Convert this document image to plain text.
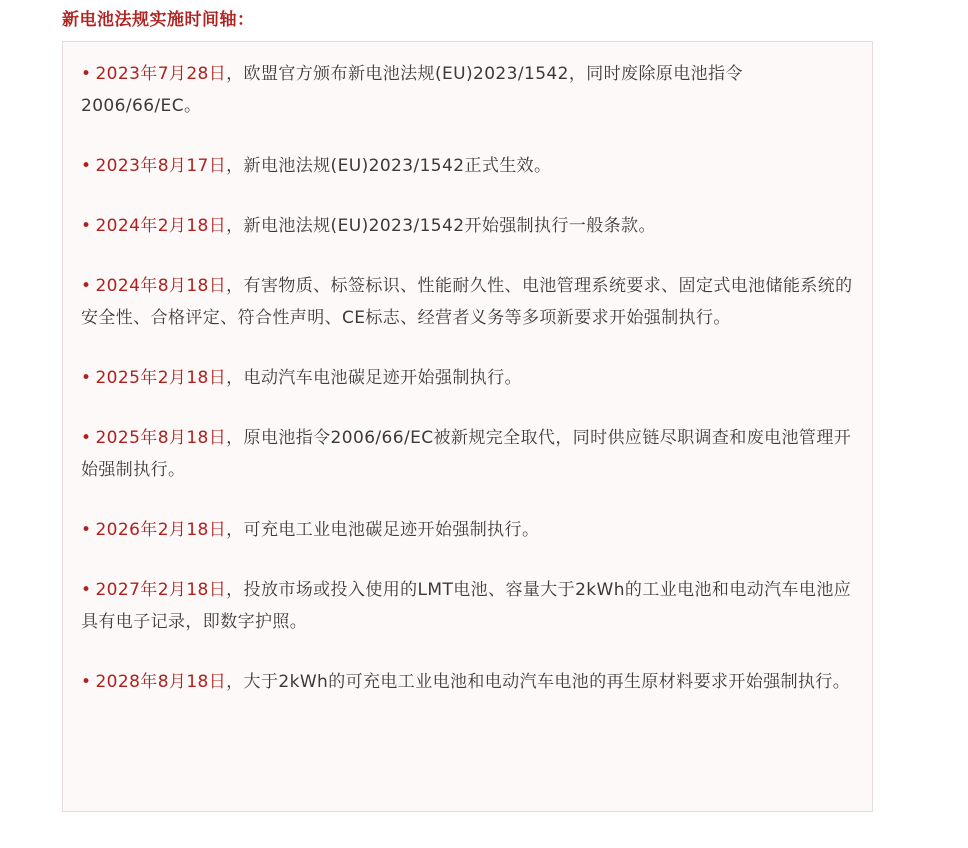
新电池法规实施时间轴：

• 2023年7月28日，欧盟官方颁布新电池法规(EU)2023/1542，同时废除原电池指令2006/66/EC。

• 2023年8月17日，新电池法规(EU)2023/1542正式生效。

• 2024年2月18日，新电池法规(EU)2023/1542开始强制执行一般条款。

• 2024年8月18日，有害物质、标签标识、性能耐久性、电池管理系统要求、固定式电池储能系统的安全性、合格评定、符合性声明、CE标志、经营者义务等多项新要求开始强制执行。

• 2025年2月18日，电动汽车电池碳足迹开始强制执行。

• 2025年8月18日，原电池指令2006/66/EC被新规完全取代，同时供应链尽职调查和废电池管理开始强制执行。

• 2026年2月18日，可充电工业电池碳足迹开始强制执行。

• 2027年2月18日，投放市场或投入使用的LMT电池、容量大于2kWh的工业电池和电动汽车电池应具有电子记录，即数字护照。

• 2028年8月18日，大于2kWh的可充电工业电池和电动汽车电池的再生原材料要求开始强制执行。
